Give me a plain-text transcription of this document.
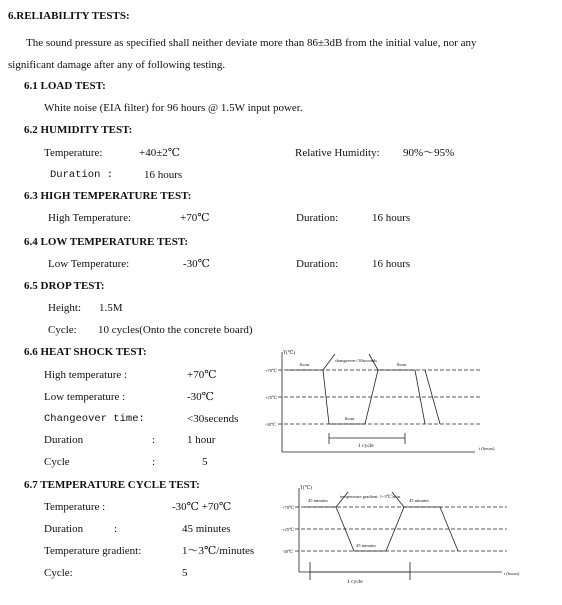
6.RELIABILITY TESTS:
The sound pressure as specified shall neither deviate more than 86±3dB from the initial value, nor any
significant damage after any of following testing.
6.1 LOAD TEST:
White noise (EIA filter) for 96 hours @ 1.5W input power.
6.2 HUMIDITY TEST:
Temperature:	+40±2℃	Relative Humidity: 90%～95%
Duration :	16 hours
6.3 HIGH TEMPERATURE TEST:
High Temperature:	+70℃	Duration:	16 hours
6.4 LOW TEMPERATURE TEST:
Low Temperature:	-30℃	Duration:	16 hours
6.5 DROP TEST:
Height: 1.5M
Cycle: 10 cycles(Onto the concrete board)
6.6 HEAT SHOCK TEST:
High temperature :	+70℃
Low temperature :	-30℃
Changeover time:	<30secends
Duration	:	1 hour
Cycle	:	5
T(℃)
+70℃
+25℃
-30℃
1hour
changeover<30seconds
1hour
1hour
1 cycle	t (hours)
6.7 TEMPERATURE CYCLE TEST:
Temperature :	-30℃ +70℃
Duration	:	45 minutes
Temperature gradient:	1～3℃/minutes
Cycle:	5
T(℃)
+70℃
+25℃
-30℃
45 minutes
temperature gradient: 1~3℃/min
45 minutes
45 minutes
1 cycle
t (hours)
